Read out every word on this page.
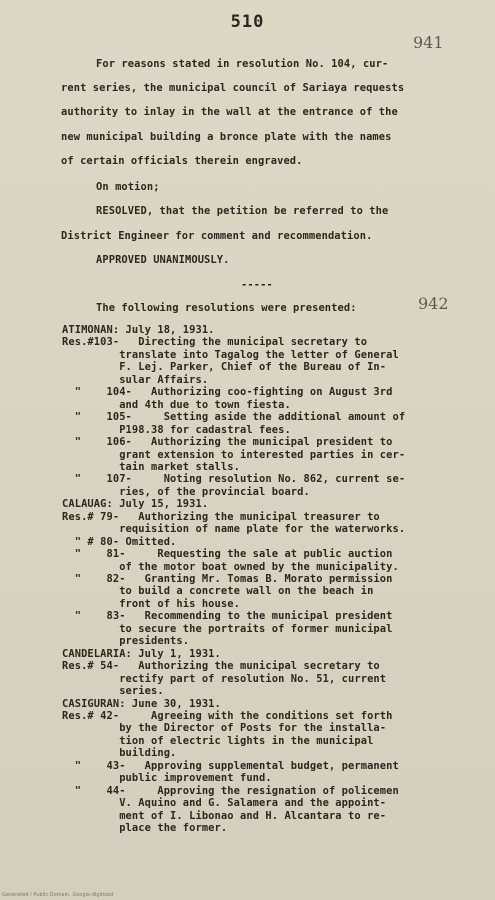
510
941
For reasons stated in resolution No. 104, cur-
rent series, the municipal council of Sariaya requests
authority to inlay in the wall at the entrance of the
new municipal building a bronce plate with the names
of certain officials therein engraved.
On motion;
RESOLVED, that the petition be referred to the
District Engineer for comment and recommendation.
APPROVED UNANIMOUSLY.
-----
The following resolutions were presented:	942
ATIMONAN: July 18, 1931.
Res.#103-   Directing the municipal secretary to
translate into Tagalog the letter of General
F. Lej. Parker, Chief of the Bureau of In-
sular Affairs.
"    104-   Authorizing coo-fighting on August 3rd
and 4th due to town fiesta.
"    105-     Setting aside the additional amount of
P198.38 for cadastral fees.
"    106-   Authorizing the municipal president to
grant extension to interested parties in cer-
tain market stalls.
"    107-     Noting resolution No. 862, current se-
ries, of the provincial board.
CALAUAG: July 15, 1931.
Res.# 79-   Authorizing the municipal treasurer to
requisition of name plate for the waterworks.
" # 80- Omitted.
"    81-     Requesting the sale at public auction
of the motor boat owned by the municipality.
"    82-   Granting Mr. Tomas B. Morato permission
to build a concrete wall on the beach in
front of his house.
"    83-   Recommending to the municipal president
to secure the portraits of former municipal
presidents.
CANDELARIA: July 1, 1931.
Res.# 54-   Authorizing the municipal secretary to
rectify part of resolution No. 51, current
series.
CASIGURAN: June 30, 1931.
Res.# 42-     Agreeing with the conditions set forth
by the Director of Posts for the installa-
tion of electric lights in the municipal
building.
"    43-   Approving supplemental budget, permanent
public improvement fund.
"    44-     Approving the resignation of policemen
V. Aquino and G. Salamera and the appoint-
ment of I. Libonao and H. Alcantara to re-
place the former.
Generated / Public Domain, Google-digitized
